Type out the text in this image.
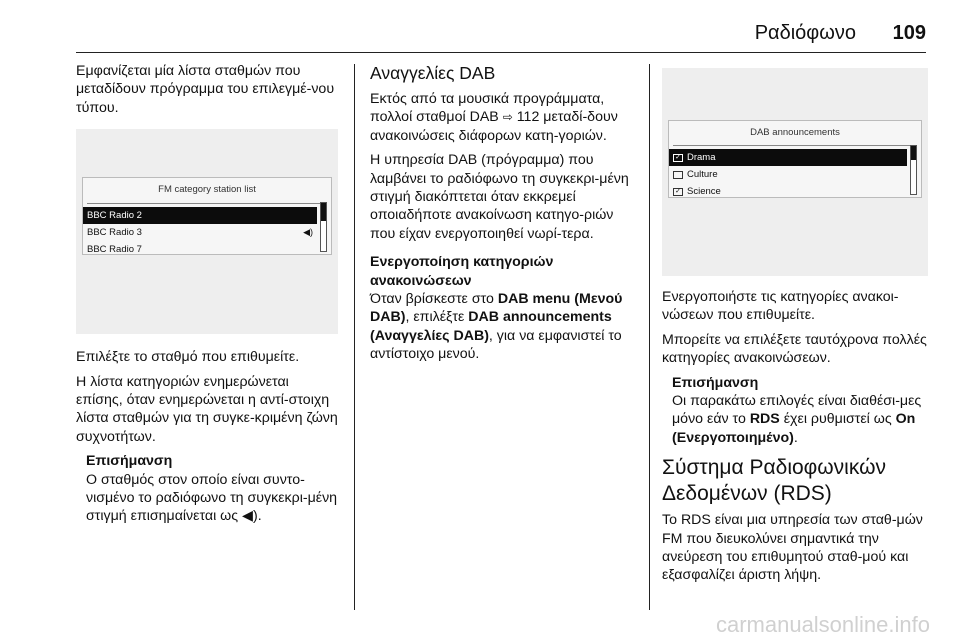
Ραδιόφωνο 109

Εμφανίζεται μία λίστα σταθμών που μεταδίδουν πρόγραμμα του επιλεγμέ-νου τύπου.

FM category station list
BBC Radio 2
BBC Radio 3	◀)
BBC Radio 7

Επιλέξτε το σταθμό που επιθυμείτε.

Η λίστα κατηγοριών ενημερώνεται επίσης, όταν ενημερώνεται η αντί-στοιχη λίστα σταθμών για τη συγκε-κριμένη ζώνη συχνοτήτων.

Επισήμανση

Ο σταθμός στον οποίο είναι συντο-νισμένο το ραδιόφωνο τη συγκεκρι-μένη στιγμή επισημαίνεται ως ◀).

Αναγγελίες DAB

Εκτός από τα μουσικά προγράμματα, πολλοί σταθμοί DAB ⇨ 112 μεταδί-δουν ανακοινώσεις διάφορων κατη-γοριών.

Η υπηρεσία DAB (πρόγραμμα) που λαμβάνει το ραδιόφωνο τη συγκεκρι-μένη στιγμή διακόπτεται όταν εκκρεμεί οποιαδήποτε ανακοίνωση κατηγο-ριών που είχαν ενεργοποιηθεί νωρί-τερα.

Ενεργοποίηση κατηγοριών ανακοινώσεων

Όταν βρίσκεστε στο DAB menu (Μενού DAB), επιλέξτε DAB announcements (Αναγγελίες DAB), για να εμφανιστεί το αντίστοιχο μενού.

DAB announcements
✓ Drama
Culture
✓ Science

Ενεργοποιήστε τις κατηγορίες ανακοι-νώσεων που επιθυμείτε.

Μπορείτε να επιλέξετε ταυτόχρονα πολλές κατηγορίες ανακοινώσεων.

Επισήμανση

Οι παρακάτω επιλογές είναι διαθέσι-μες μόνο εάν το RDS έχει ρυθμιστεί ως On (Ενεργοποιημένο).

Σύστημα Ραδιοφωνικών Δεδομένων (RDS)

Το RDS είναι μια υπηρεσία των σταθ-μών FM που διευκολύνει σημαντικά την ανεύρεση του επιθυμητού σταθ-μού και εξασφαλίζει άριστη λήψη.

carmanualsonline.info
